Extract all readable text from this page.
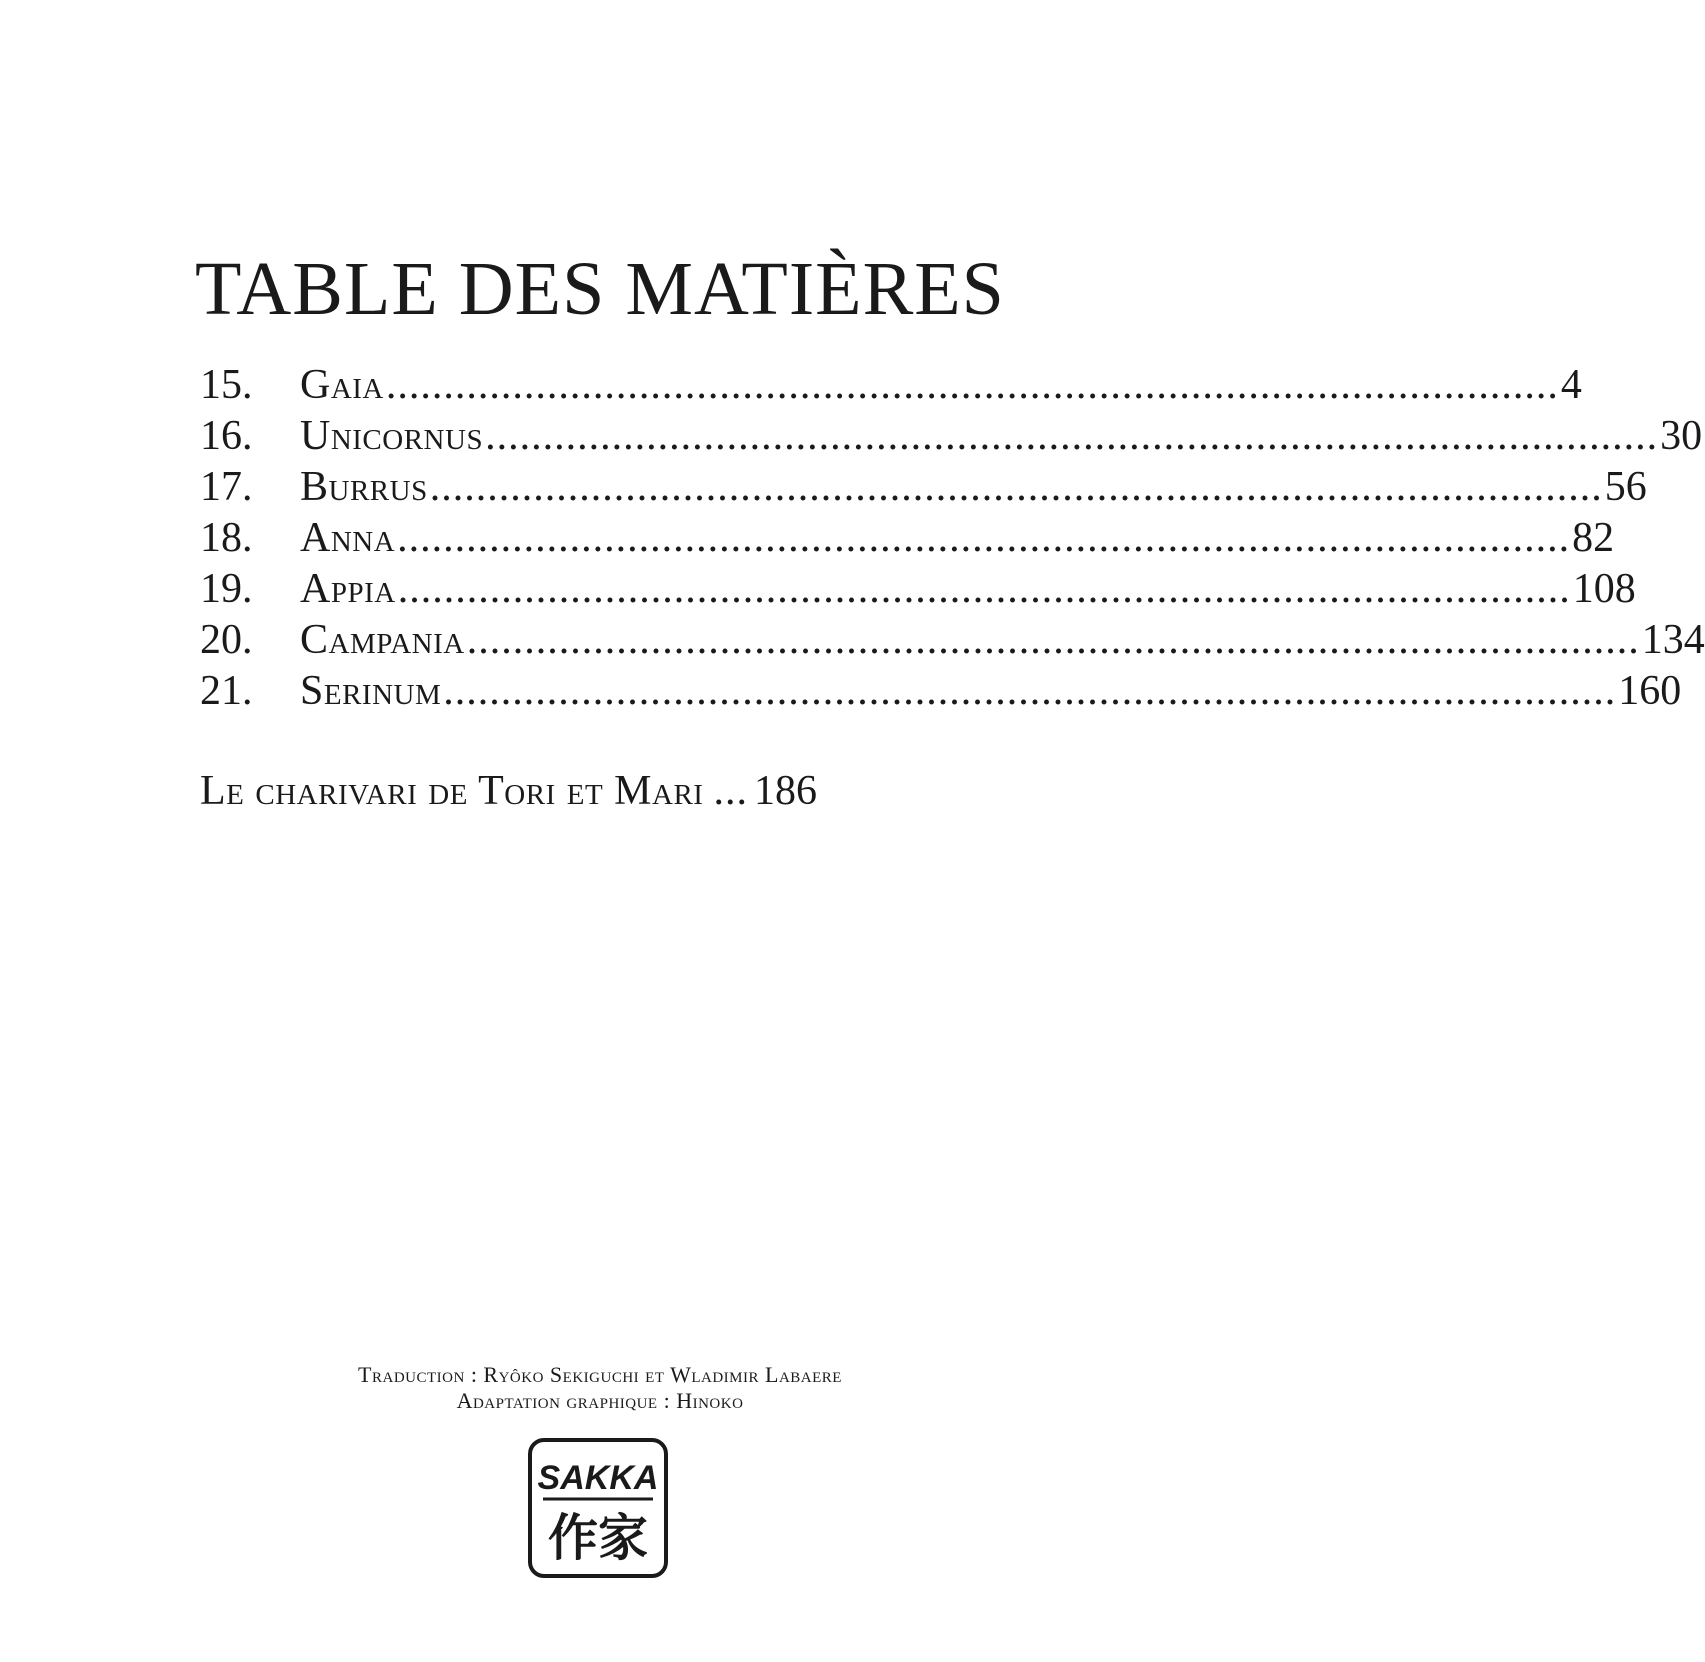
TABLE DES MATIÈRES
15.	Gaia ...................................................................................................... 4
16.	Unicornus ...................................................................................................... 30
17.	Burrus ...................................................................................................... 56
18.	Anna ...................................................................................................... 82
19.	Appia ...................................................................................................... 108
20.	Campania ...................................................................................................... 134
21.	Serinum ...................................................................................................... 160
Le charivari de Tori et Mari ... 186
Traduction : Ryôko Sekiguchi et Wladimir Labaere
Adaptation graphique : Hinoko
SAKKA
作家
